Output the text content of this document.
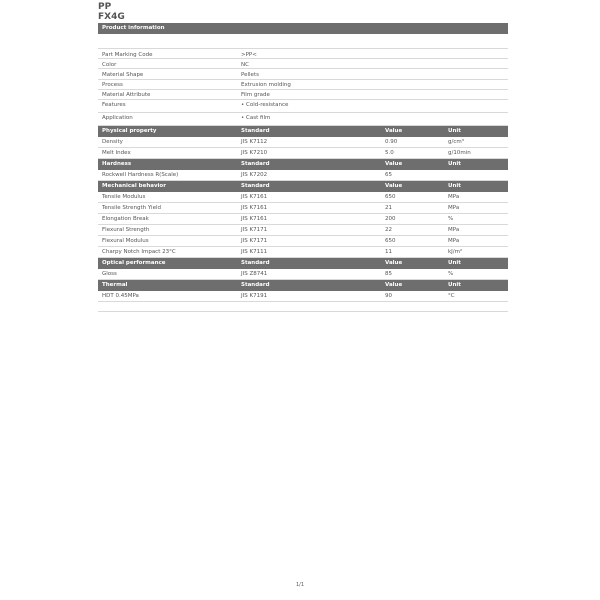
PP
FX4G
Product information
Part Marking Code	>PP<
Color	NC
Material Shape	Pellets
Process	Extrusion molding
Material Attribute	Film grade
Features	• Cold-resistance
Application	• Cast film
Physical property	Standard	Value	Unit
Density	JIS K7112	0.90	g/cm³
Melt Index	JIS K7210	5.0	g/10min
Hardness	Standard	Value	Unit
Rockwell Hardness R(Scale)	JIS K7202	65
Mechanical behavior	Standard	Value	Unit
Tensile Modulus	JIS K7161	650	MPa
Tensile Strength Yield	JIS K7161	21	MPa
Elongation Break	JIS K7161	200	%
Flexural Strength	JIS K7171	22	MPa
Flexural Modulus	JIS K7171	650	MPa
Charpy Notch Impact 23°C	JIS K7111	11	kJ/m²
Optical performance	Standard	Value	Unit
Gloss	JIS Z8741	85	%
Thermal	Standard	Value	Unit
HDT 0.45MPa	JIS K7191	90	°C
1/1
